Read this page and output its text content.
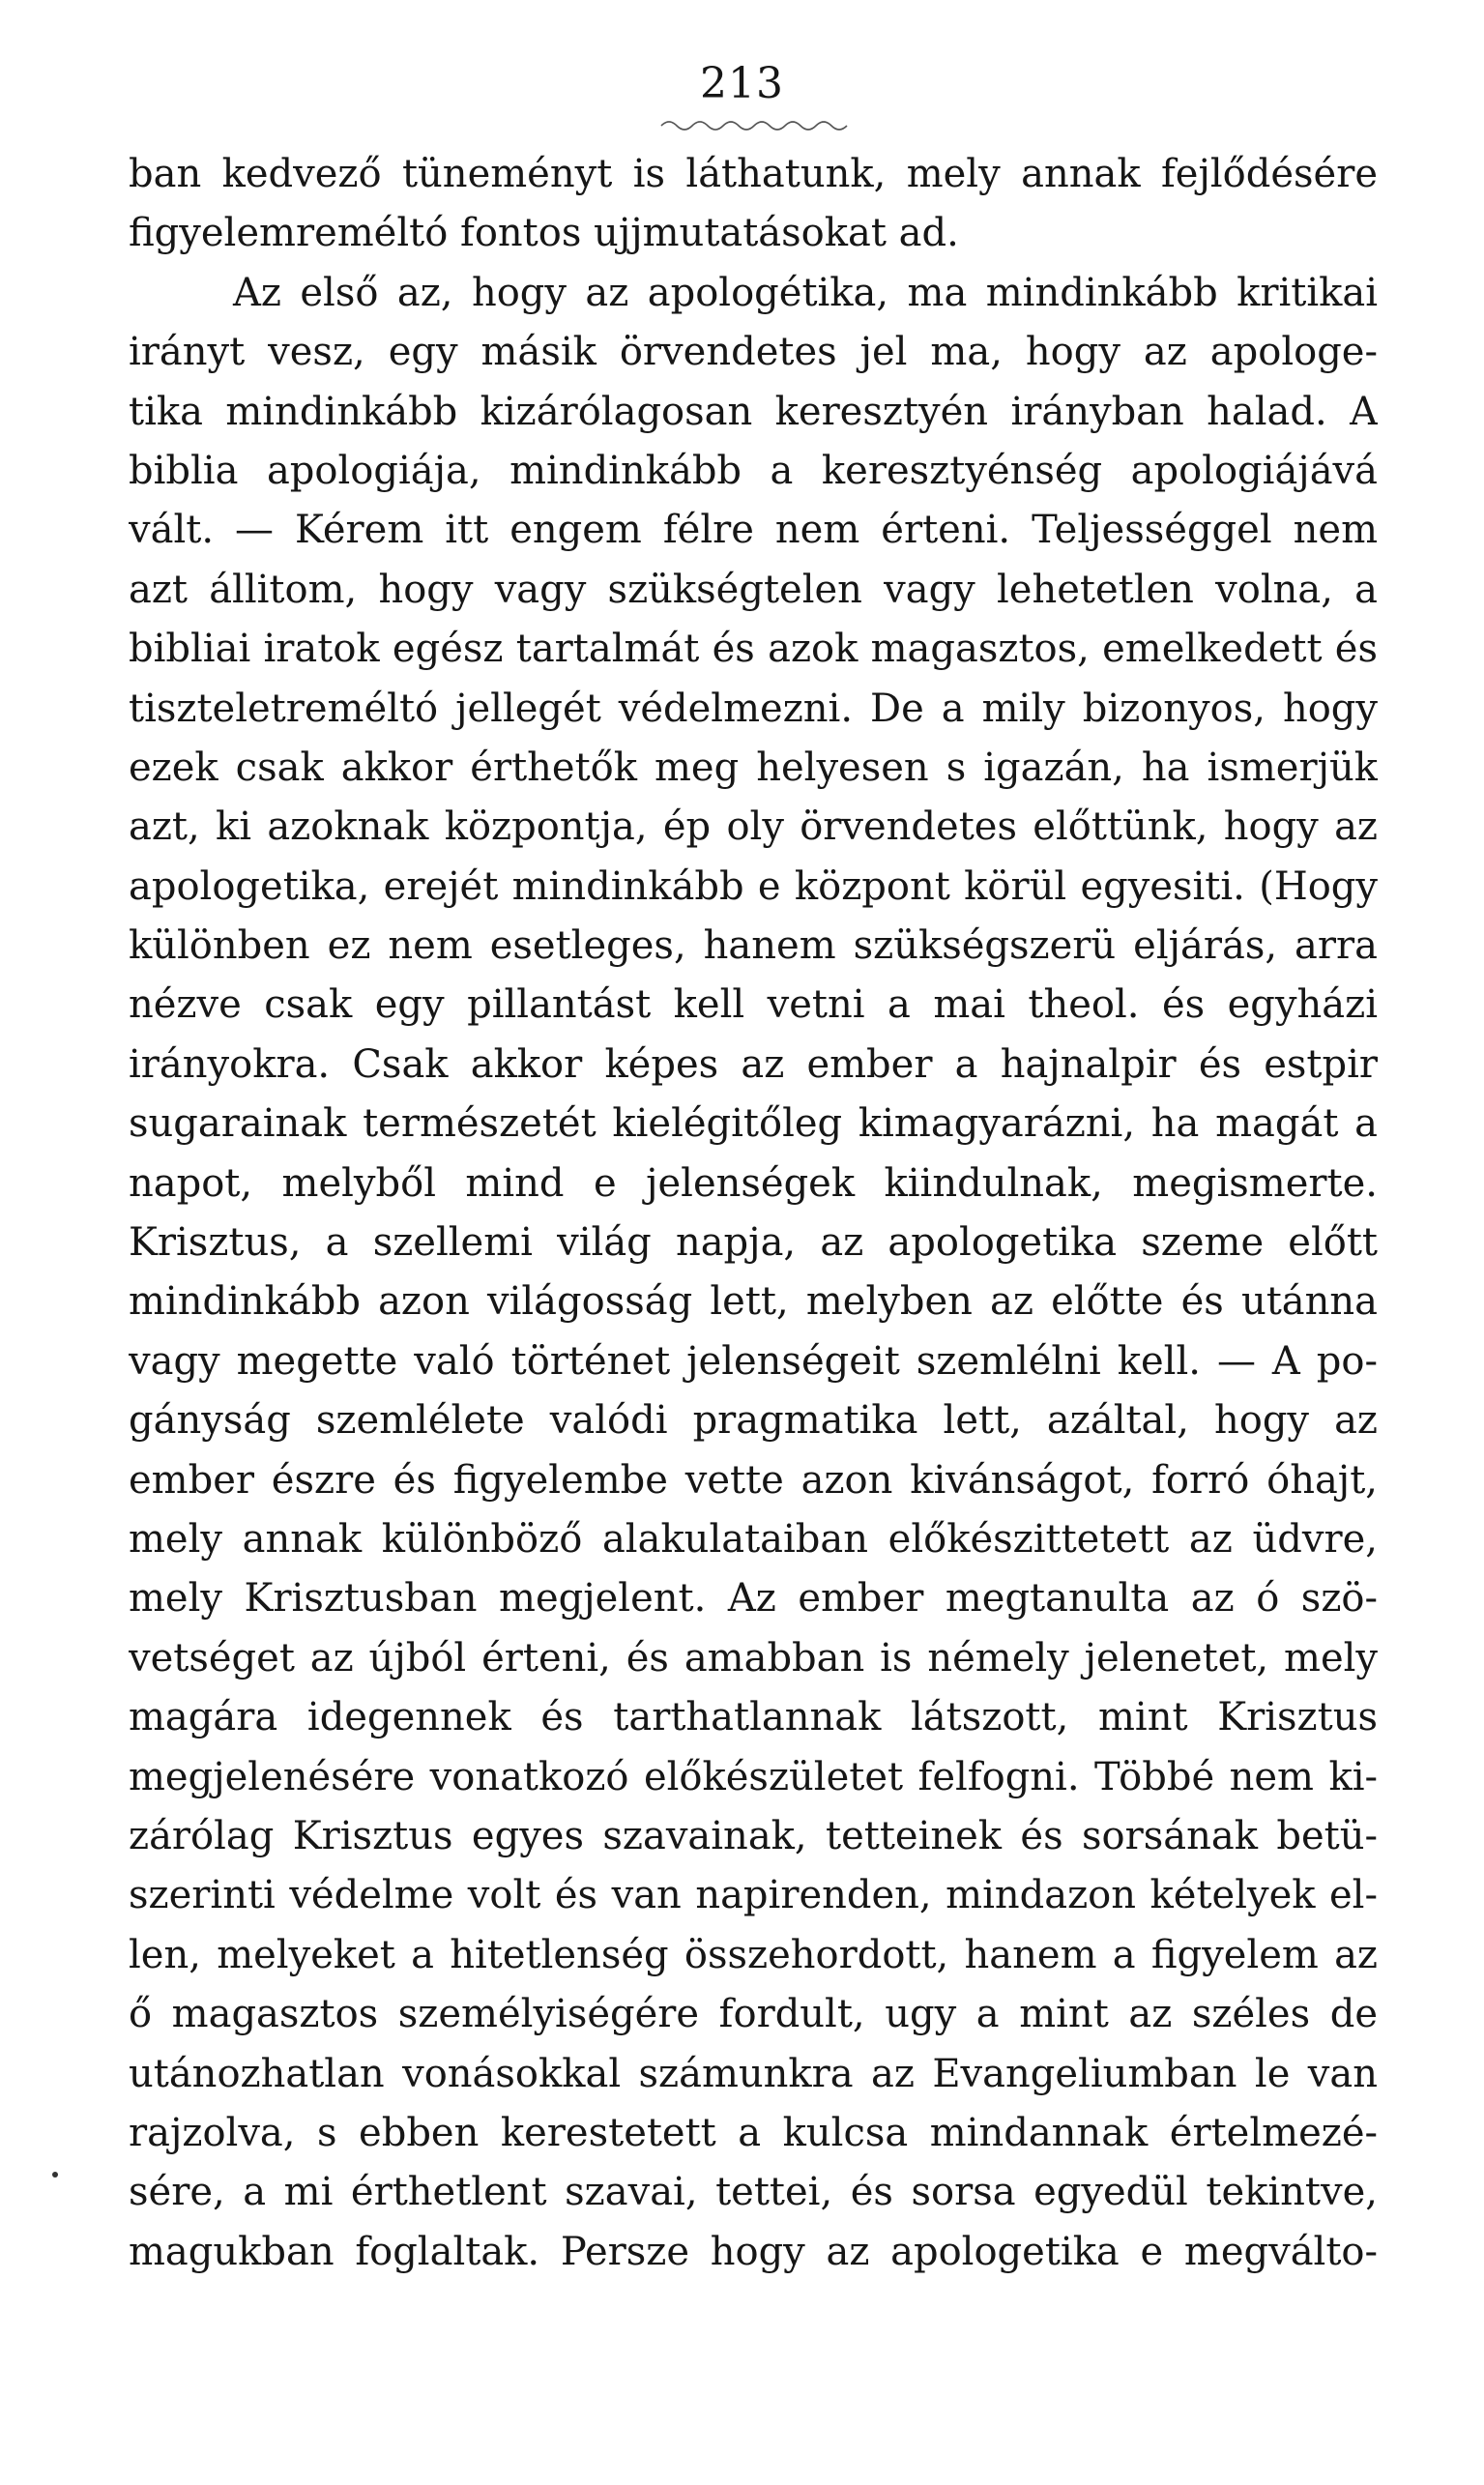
213
ban kedvező tüneményt is láthatunk, mely annak fejlődésére
figyelemreméltó fontos ujjmutatásokat ad.
Az első az, hogy az apologétika, ma mindinkább kritikai
irányt vesz, egy másik örvendetes jel ma, hogy az apologe-
tika mindinkább kizárólagosan keresztyén irányban halad. A
biblia apologiája, mindinkább a keresztyénség apologiájává
vált. — Kérem itt engem félre nem érteni. Teljességgel nem
azt állitom, hogy vagy szükségtelen vagy lehetetlen volna, a
bibliai iratok egész tartalmát és azok magasztos, emelkedett és
tiszteletreméltó jellegét védelmezni. De a mily bizonyos, hogy
ezek csak akkor érthetők meg helyesen s igazán, ha ismerjük
azt, ki azoknak központja, ép oly örvendetes előttünk, hogy az
apologetika, erejét mindinkább e központ körül egyesiti. (Hogy
különben ez nem esetleges, hanem szükségszerü eljárás, arra
nézve csak egy pillantást kell vetni a mai theol. és egyházi
irányokra. Csak akkor képes az ember a hajnalpir és estpir
sugarainak természetét kielégitőleg kimagyarázni, ha magát a
napot, melyből mind e jelenségek kiindulnak, megismerte.
Krisztus, a szellemi világ napja, az apologetika szeme előtt
mindinkább azon világosság lett, melyben az előtte és utánna
vagy megette való történet jelenségeit szemlélni kell. — A po-
gányság szemlélete valódi pragmatika lett, azáltal, hogy az
ember észre és figyelembe vette azon kivánságot, forró óhajt,
mely annak különböző alakulataiban előkészittetett az üdvre,
mely Krisztusban megjelent. Az ember megtanulta az ó szö-
vetséget az újból érteni, és amabban is némely jelenetet, mely
magára idegennek és tarthatlannak látszott, mint Krisztus
megjelenésére vonatkozó előkészületet felfogni. Többé nem ki-
zárólag Krisztus egyes szavainak, tetteinek és sorsának betü-
szerinti védelme volt és van napirenden, mindazon kételyek el-
len, melyeket a hitetlenség összehordott, hanem a figyelem az
ő magasztos személyiségére fordult, ugy a mint az széles de
utánozhatlan vonásokkal számunkra az Evangeliumban le van
rajzolva, s ebben kerestetett a kulcsa mindannak értelmezé-
sére, a mi érthetlent szavai, tettei, és sorsa egyedül tekintve,
magukban foglaltak. Persze hogy az apologetika e megválto-
